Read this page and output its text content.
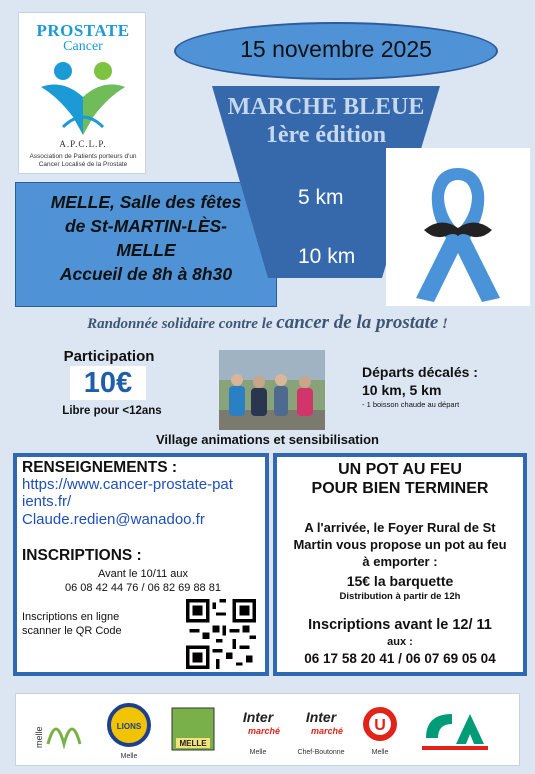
PROSTATE
Cancer
A.P.C.L.P.
Association de Patients porteurs d'un Cancer Localisé de la Prostate
15 novembre 2025
MARCHE BLEUE
1ère édition
5 km
10 km
MELLE, Salle des fêtes
de St-MARTIN-LÈS-
MELLE
Accueil de 8h à 8h30
Randonnée solidaire contre le cancer de la prostate !
Participation
10€
Libre pour <12ans
Départs décalés :
10 km, 5 km
- 1 boisson chaude au départ
Village animations et sensibilisation
RENSEIGNEMENTS :
https://www.cancer-prostate-pat
ients.fr/
Claude.redien@wanadoo.fr
INSCRIPTIONS :
Avant le 10/11 aux
06 08 42 44 76 / 06 82 69 88 81
Inscriptions en ligne
scanner le QR Code
UN POT AU FEU
POUR BIEN TERMINER
A l'arrivée, le Foyer Rural de St
Martin vous propose un pot au feu
à emporter :
15€ la barquette
Distribution à partir de 12h
Inscriptions avant le 12/ 11
aux :
06 17 58 20 41 / 06 07 69 05 04
melle	LIONS
Melle
MELLE
Inter
marché
Melle
Inter
marché
Chef-Boutonne
U
Melle
CA
